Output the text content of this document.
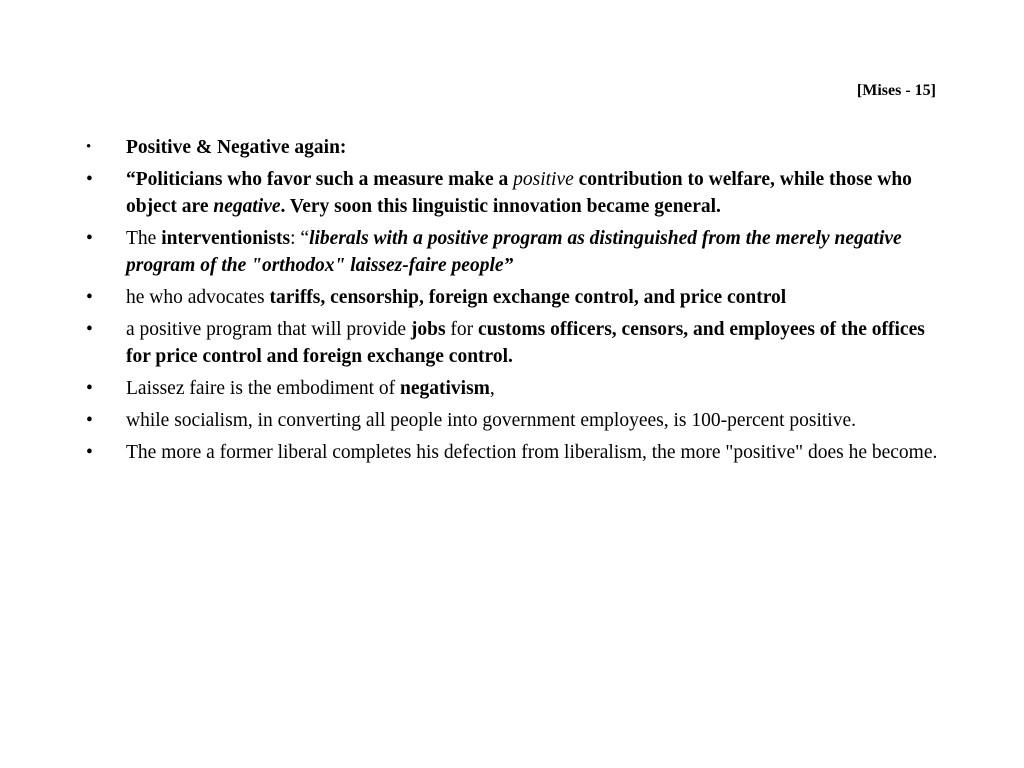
[Mises - 15]
•	Positive & Negative again:
•	“Politicians who favor such a measure make a positive contribution to welfare, while those who object are negative. Very soon this linguistic innovation became general.
•	The interventionists: “liberals with a positive program as distinguished from the merely negative program of the "orthodox" laissez-faire people”
•	he who advocates tariffs, censorship, foreign exchange control, and price control
•	a positive program that will provide jobs for customs officers, censors, and employees of the offices for price control and foreign exchange control.
•	Laissez faire is the embodiment of negativism,
•	while socialism, in converting all people into government employees, is 100-percent positive.
•	The more a former liberal completes his defection from liberalism, the more "positive" does he become.
